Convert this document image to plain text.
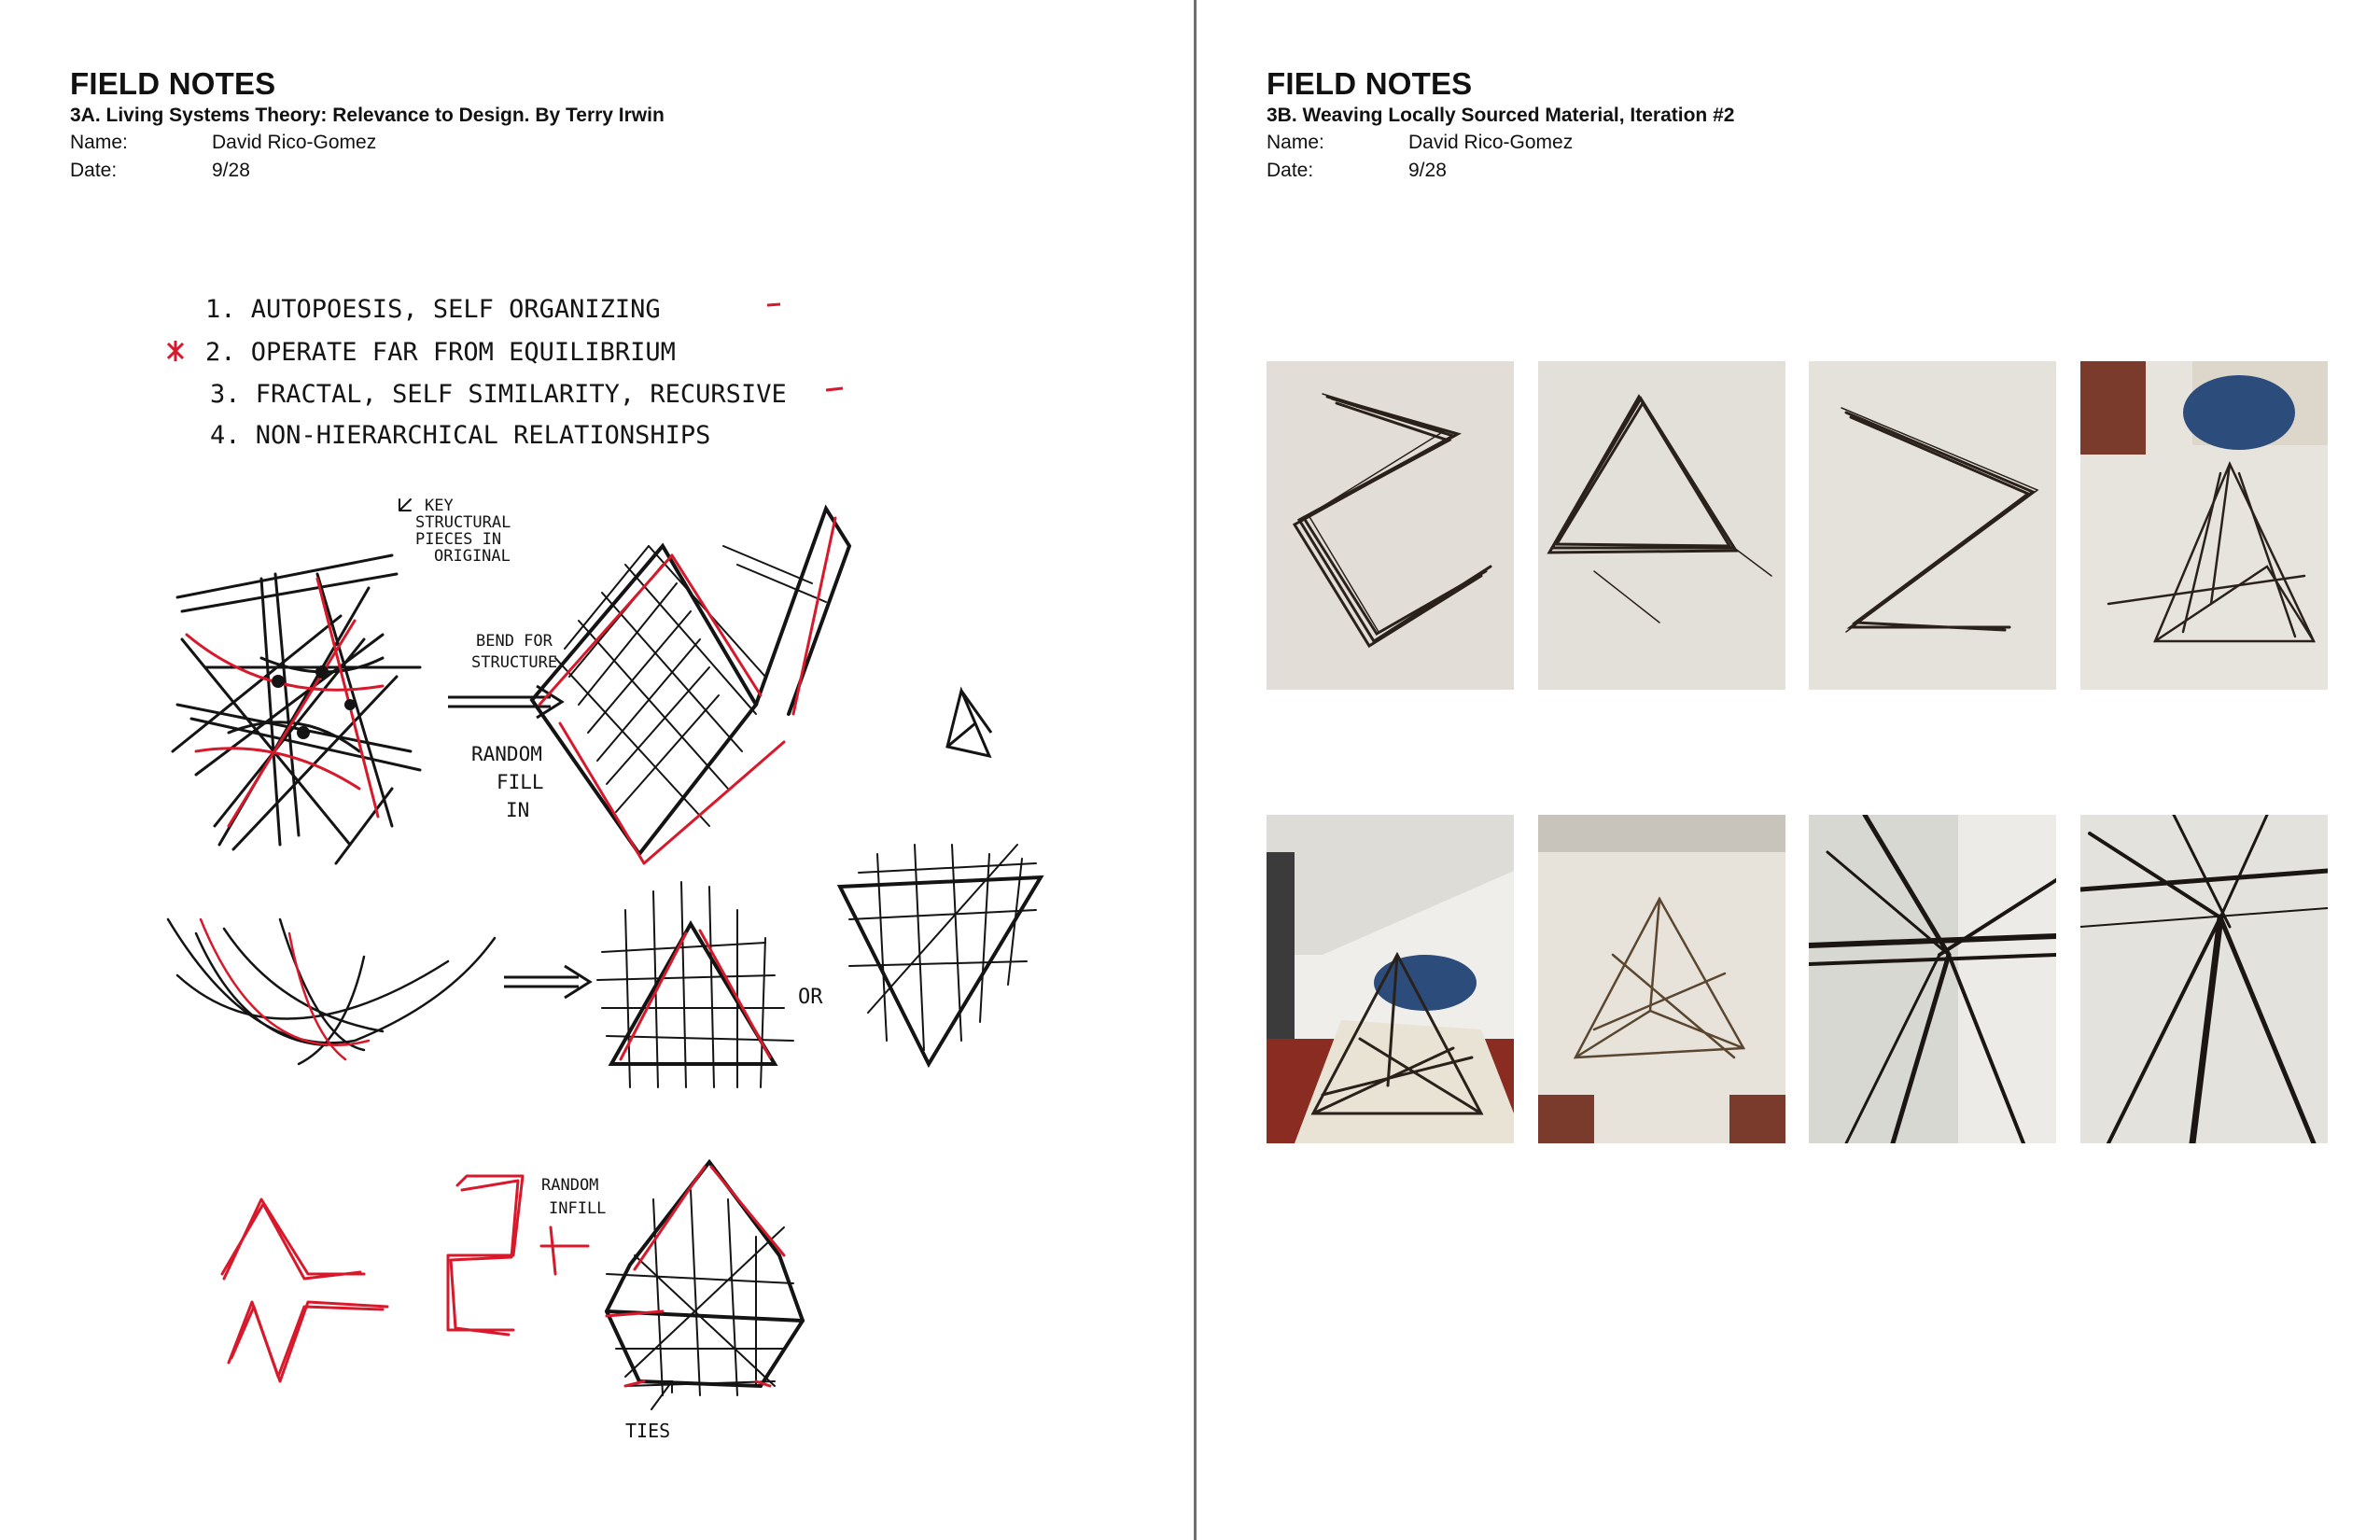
FIELD NOTES
3A. Living Systems Theory: Relevance to Design. By Terry Irwin
Name:	David Rico-Gomez
Date:	9/28
1. AUTOPOESIS, SELF ORGANIZING
2. OPERATE FAR FROM EQUILIBRIUM
3. FRACTAL, SELF SIMILARITY, RECURSIVE
4. NON-HIERARCHICAL RELATIONSHIPS
KEY
STRUCTURAL
PIECES IN
ORIGINAL
BEND FOR
STRUCTURE
RANDOM
FILL
IN
OR
RANDOM
INFILL
TIES
FIELD NOTES
3B. Weaving Locally Sourced Material, Iteration #2
Name:	David Rico-Gomez
Date:	9/28
